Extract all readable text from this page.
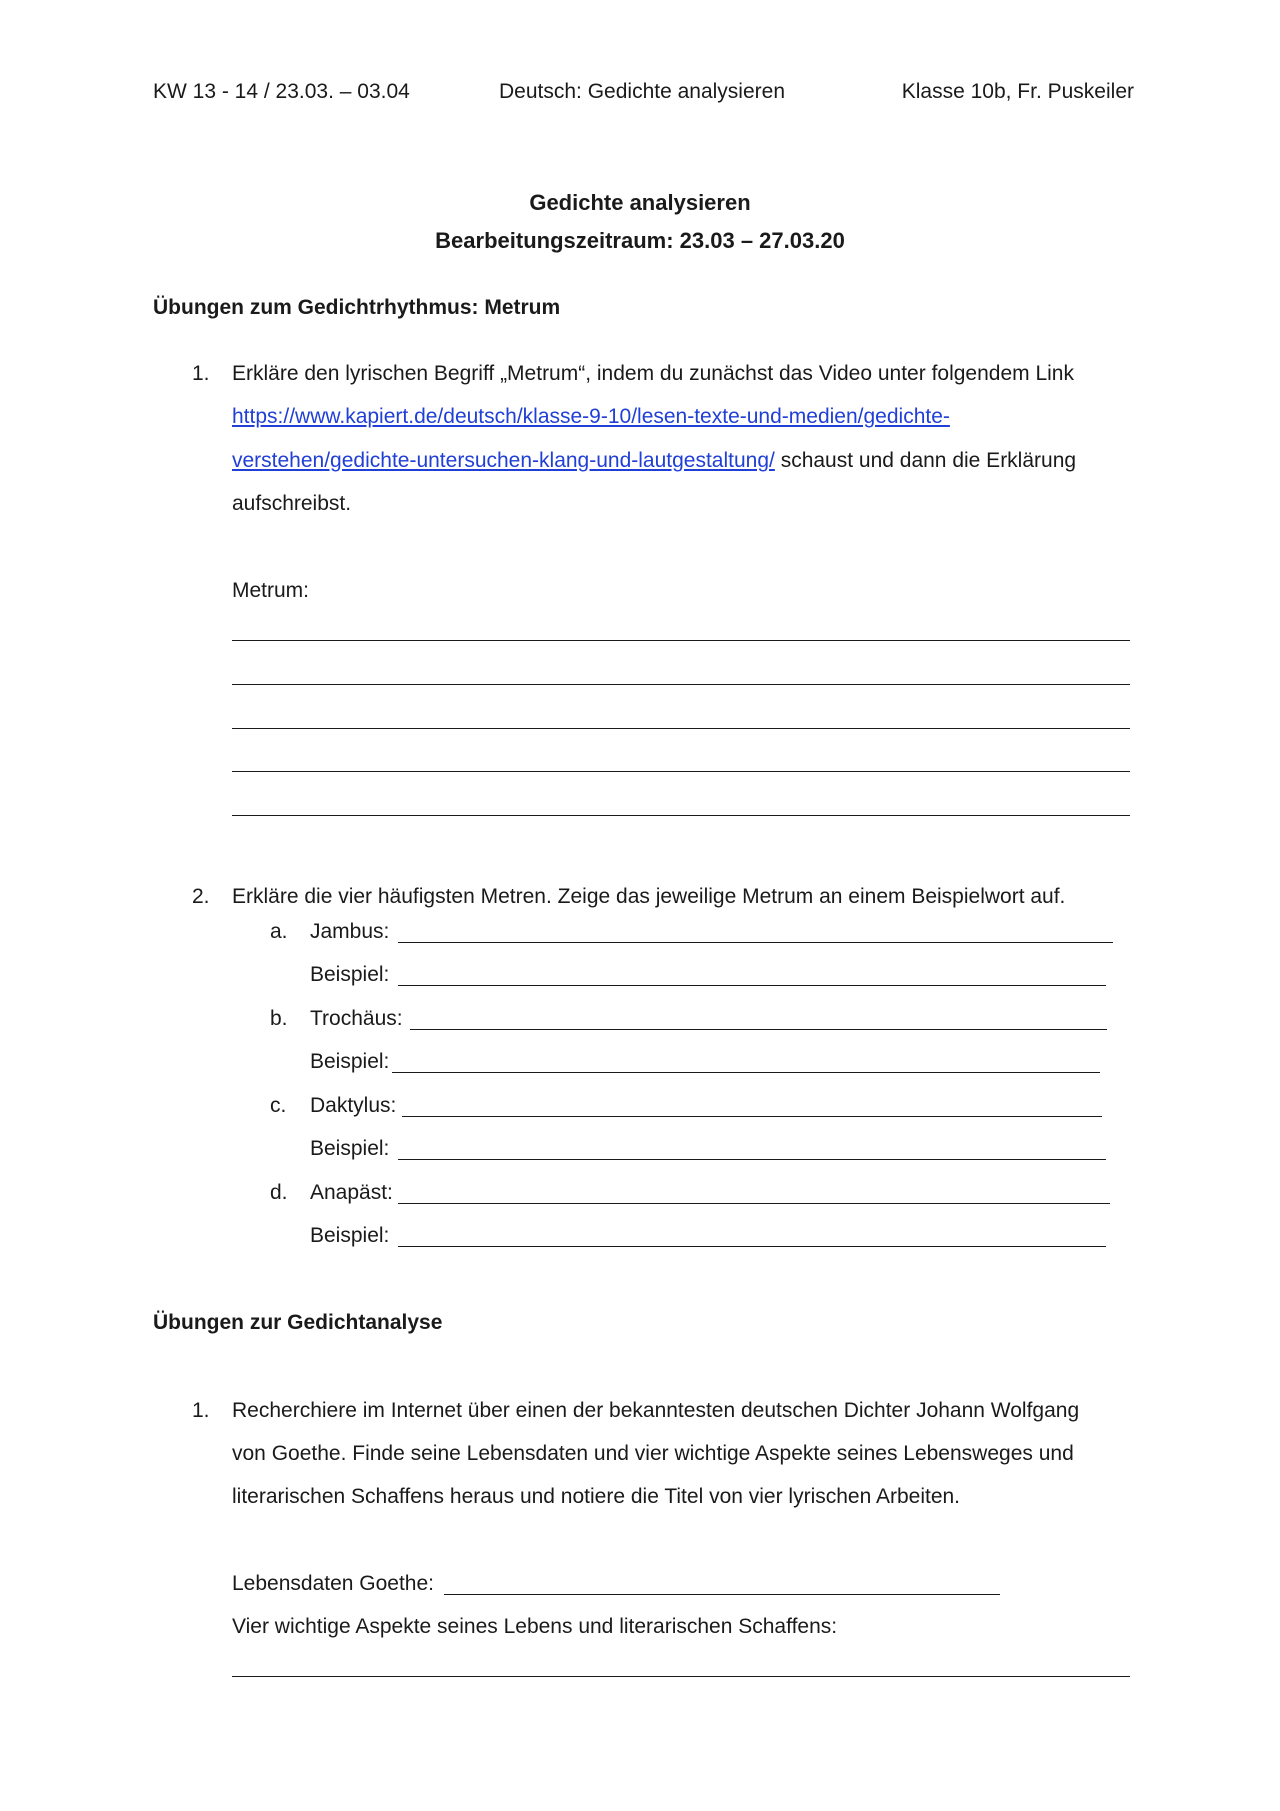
KW 13 - 14 / 23.03. – 03.04	Deutsch: Gedichte analysieren	Klasse 10b, Fr. Puskeiler
Gedichte analysieren
Bearbeitungszeitraum: 23.03 – 27.03.20
Übungen zum Gedichtrhythmus: Metrum
1. Erkläre den lyrischen Begriff „Metrum“, indem du zunächst das Video unter folgendem Link
https://www.kapiert.de/deutsch/klasse-9-10/lesen-texte-und-medien/gedichte-
verstehen/gedichte-untersuchen-klang-und-lautgestaltung/ schaust und dann die Erklärung
aufschreibst.
Metrum:
2. Erkläre die vier häufigsten Metren. Zeige das jeweilige Metrum an einem Beispielwort auf.
a. Jambus:
Beispiel:
b. Trochäus:
Beispiel:
c. Daktylus:
Beispiel:
d. Anapäst:
Beispiel:
Übungen zur Gedichtanalyse
1. Recherchiere im Internet über einen der bekanntesten deutschen Dichter Johann Wolfgang
von Goethe. Finde seine Lebensdaten und vier wichtige Aspekte seines Lebensweges und
literarischen Schaffens heraus und notiere die Titel von vier lyrischen Arbeiten.
Lebensdaten Goethe:
Vier wichtige Aspekte seines Lebens und literarischen Schaffens:
